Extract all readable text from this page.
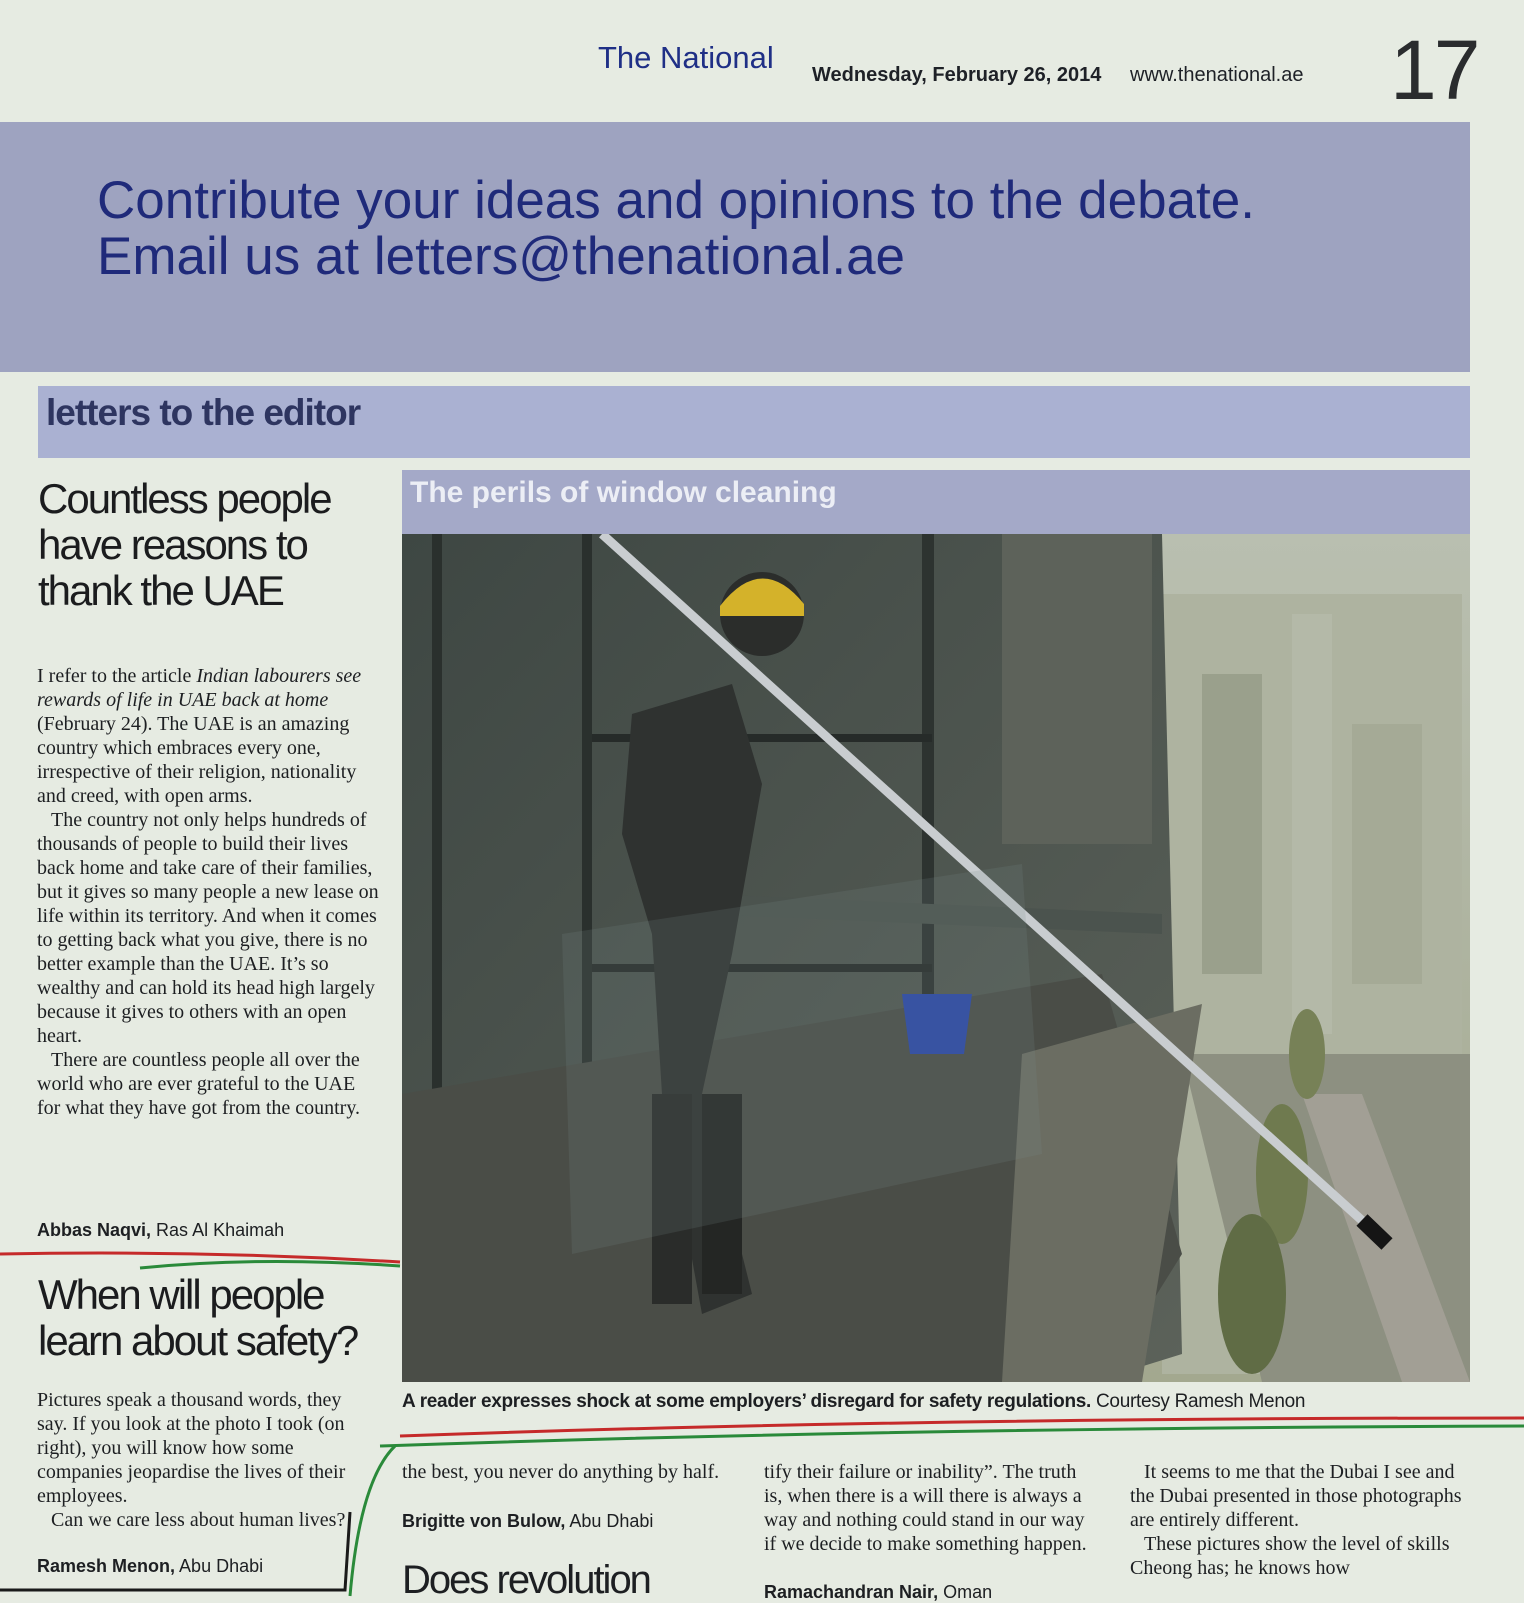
The National Wednesday, February 26, 2014 www.thenational.ae 17
Contribute your ideas and opinions to the debate.
Email us at letters@thenational.ae
letters to the editor
Countless people have reasons to thank the UAE

I refer to the article Indian labourers see rewards of life in UAE back at home (February 24). The UAE is an amazing country which embraces every one, irrespective of their religion, nationality and creed, with open arms.

The country not only helps hundreds of thousands of people to build their lives back home and take care of their families, but it gives so many people a new lease on life within its territory. And when it comes to getting back what you give, there is no better example than the UAE. It’s so wealthy and can hold its head high largely because it gives to others with an open heart.

There are countless people all over the world who are ever grateful to the UAE for what they have got from the country.

Abbas Naqvi, Ras Al Khaimah
When will people learn about safety?

Pictures speak a thousand words, they say. If you look at the photo I took (on right), you will know how some companies jeopardise the lives of their employees.

Can we care less about human lives?

Ramesh Menon, Abu Dhabi
The perils of window cleaning
A reader expresses shock at some employers’ disregard for safety regulations. Courtesy Ramesh Menon

the best, you never do anything by half.

Brigitte von Bulow, Abu Dhabi
Does revolution

tify their failure or inability”. The truth is, when there is a will there is always a way and nothing could stand in our way if we decide to make something happen.

Ramachandran Nair, Oman

It seems to me that the Dubai I see and the Dubai presented in those photographs are entirely different.

These pictures show the level of skills Cheong has; he knows how
